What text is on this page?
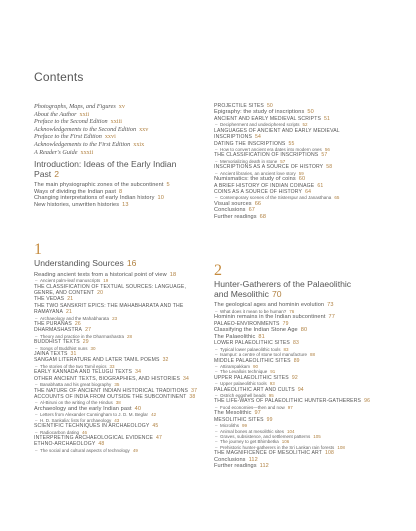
Contents
Photographs, Maps, and Figures xv
About the Author xxii
Preface to the Second Edition xxiii
Acknowledgements to the Second Edition xxv
Preface to the First Edition xxvi
Acknowledgements to the First Edition xxix
A Reader's Guide xxxii
Introduction: Ideas of the Early Indian
Past 2
The main physiographic zones of the subcontinent 5
Ways of dividing the Indian past 8
Changing interpretations of early Indian history 10
New histories, unwritten histories 13
1
Understanding Sources 16
Reading ancient texts from a historical point of view 18
– Ancient palm-leaf manuscripts 19
THE CLASSIFICATION OF TEXTUAL SOURCES: LANGUAGE, GENRE, AND CONTENT 20
THE VEDAS 21
THE TWO SANSKRIT EPICS: THE MAHABHARATA AND THE RAMAYANA 21
– Archaeology and the Mahabharata 23
THE PURANAS 26
DHARMASHASTRA 27
– Theory and practice in the Dharmashastra 28
BUDDHIST TEXTS 29
– Songs of Buddhist nuns 30
JAINA TEXTS 31
SANGAM LITERATURE AND LATER TAMIL POEMS 32
– The stories of the two Tamil epics 33
EARLY KANNADA AND TELUGU TEXTS 34
OTHER ANCIENT TEXTS, BIOGRAPHIES, AND HISTORIES 34
– Banabhatta and his great biography 35
THE NATURE OF ANCIENT INDIAN HISTORICAL TRADITIONS 37
ACCOUNTS OF INDIA FROM OUTSIDE THE SUBCONTINENT 38
– Al-Biruni on the writing of the Hindus 38
Archaeology and the early Indian past 40
– Letters from Alexander Cunningham to J. D. M. Beglar 42
– H. D. Sankalia: lists for archaeology 43
SCIENTIFIC TECHNIQUES IN ARCHAEOLOGY 45
– Radiocarbon dating 46
INTERPRETING ARCHAEOLOGICAL EVIDENCE 47
ETHNO-ARCHAEOLOGY 48
– The social and cultural aspects of technology 49
PROJECTILE SITES 50
Epigraphy: the study of inscriptions 50
ANCIENT AND EARLY MEDIEVAL SCRIPTS 51
– Decipherment and undeciphered scripts 52
LANGUAGES OF ANCIENT AND EARLY MEDIEVAL INSCRIPTIONS 54
DATING THE INSCRIPTIONS 55
– How to convert ancient era dates into modern ones 56
THE CLASSIFICATION OF INSCRIPTIONS 57
– Memorializing death in stone 57
INSCRIPTIONS AS A SOURCE OF HISTORY 58
– Ancient libraries, an ancient love story 59
Numismatics: the study of coins 60
A BRIEF HISTORY OF INDIAN COINAGE 61
COINS AS A SOURCE OF HISTORY 64
– Contemporary scenes of the Sisterspur and Janasthana 65
Visual sources 66
Conclusions 67
Further readings 68
2
Hunter-Gatherers of the Palaeolithic
and Mesolithic 70
The geological ages and hominin evolution 73
– What does it mean to be human? 76
Hominin remains in the Indian subcontinent 77
PALAEO-ENVIRONMENTS 79
Classifying the Indian Stone Age 80
The Palaeolithic 81
LOWER PALAEOLITHIC SITES 83
– Typical lower palaeolithic tools 83
– Isampur: a centre of stone tool manufacture 88
MIDDLE PALAEOLITHIC SITES 89
– Attirampakkam 90
– The Levallois technique 91
UPPER PALAEOLITHIC SITES 92
– Upper palaeolithic tools 93
PALAEOLITHIC ART AND CULTS 94
– Ostrich eggshell beads 95
THE LIFE-WAYS OF PALAEOLITHIC HUNTER-GATHERERS 96
– Food economies—then and now 97
The Mesolithic 97
MESOLITHIC SITES 99
– Microliths 99
– Animal bones at mesolithic sites 104
– Graves, subsistence, and settlement patterns 105
– The journey to get Bhimbetka 106
– Prehistoric hunter-gatherers in the Sri Lankan rain forests 108
THE MAGNIFICENCE OF MESOLITHIC ART 108
Conclusions 112
Further readings 112
